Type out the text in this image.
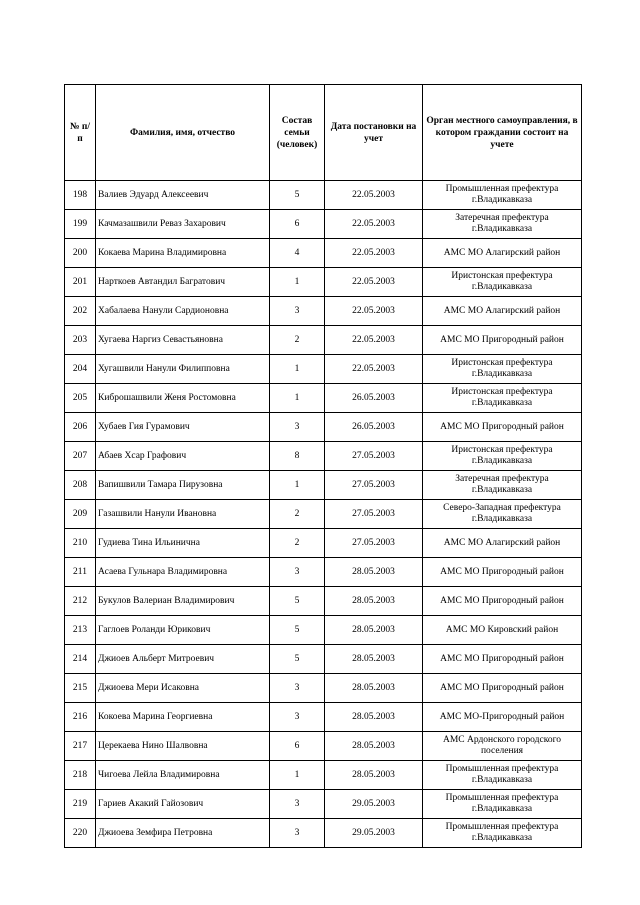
№ п/п	Фамилия, имя, отчество	Состав семьи (человек)	Дата постановки на учет	Орган местного самоуправления, в котором граждании состоит на учете
198	Валиев Эдуард Алексеевич	5	22.05.2003	Промышленная префектура г.Владикавказа
199	Качмазашвили Реваз Захарович	6	22.05.2003	Затеречная префектура г.Владикавказа
200	Кокаева Марина Владимировна	4	22.05.2003	АМС МО Алагирский район
201	Нарткоев Автандил Багратович	1	22.05.2003	Иристонская префектура г.Владикавказа
202	Хабалаева Нанули Сардионовна	3	22.05.2003	АМС МО Алагирский район
203	Хугаева Наргиз Севастьяновна	2	22.05.2003	АМС МО Пригородный район
204	Хугашвили Нанули Филипповна	1	22.05.2003	Иристонская префектура г.Владикавказа
205	Киброшашвили Женя Ростомовна	1	26.05.2003	Иристонская префектура г.Владикавказа
206	Хубаев Гия Гурамович	3	26.05.2003	АМС МО Пригородный район
207	Абаев Хсар Графович	8	27.05.2003	Иристонская префектура г.Владикавказа
208	Вапишвили Тамара Пирузовна	1	27.05.2003	Затеречная префектура г.Владикавказа
209	Газашвили Нанули Ивановна	2	27.05.2003	Северо-Западная префектура г.Владикавказа
210	Гудиева Тина Ильинична	2	27.05.2003	АМС МО Алагирский район
211	Асаева Гульнара Владимировна	3	28.05.2003	АМС МО Пригородный район
212	Букулов Валериан Владимирович	5	28.05.2003	АМС МО Пригородный район
213	Гаглоев Роланди Юрикович	5	28.05.2003	АМС МО Кировский район
214	Джиоев Альберт Митроевич	5	28.05.2003	АМС МО Пригородный район
215	Джиоева Мери Исаковна	3	28.05.2003	АМС МО Пригородный район
216	Кокоева Марина Георгиевна	3	28.05.2003	АМС МО-Пригородный район
217	Церекаева Нино Шалвовна	6	28.05.2003	АМС Ардонского городского поселения
218	Чигоева Лейла Владимировна	1	28.05.2003	Промышленная префектура г.Владикавказа
219	Гариев Акакий Гайозович	3	29.05.2003	Промышленная префектура г.Владикавказа
220	Джиоева Земфира Петровна	3	29.05.2003	Промышленная префектура г.Владикавказа
